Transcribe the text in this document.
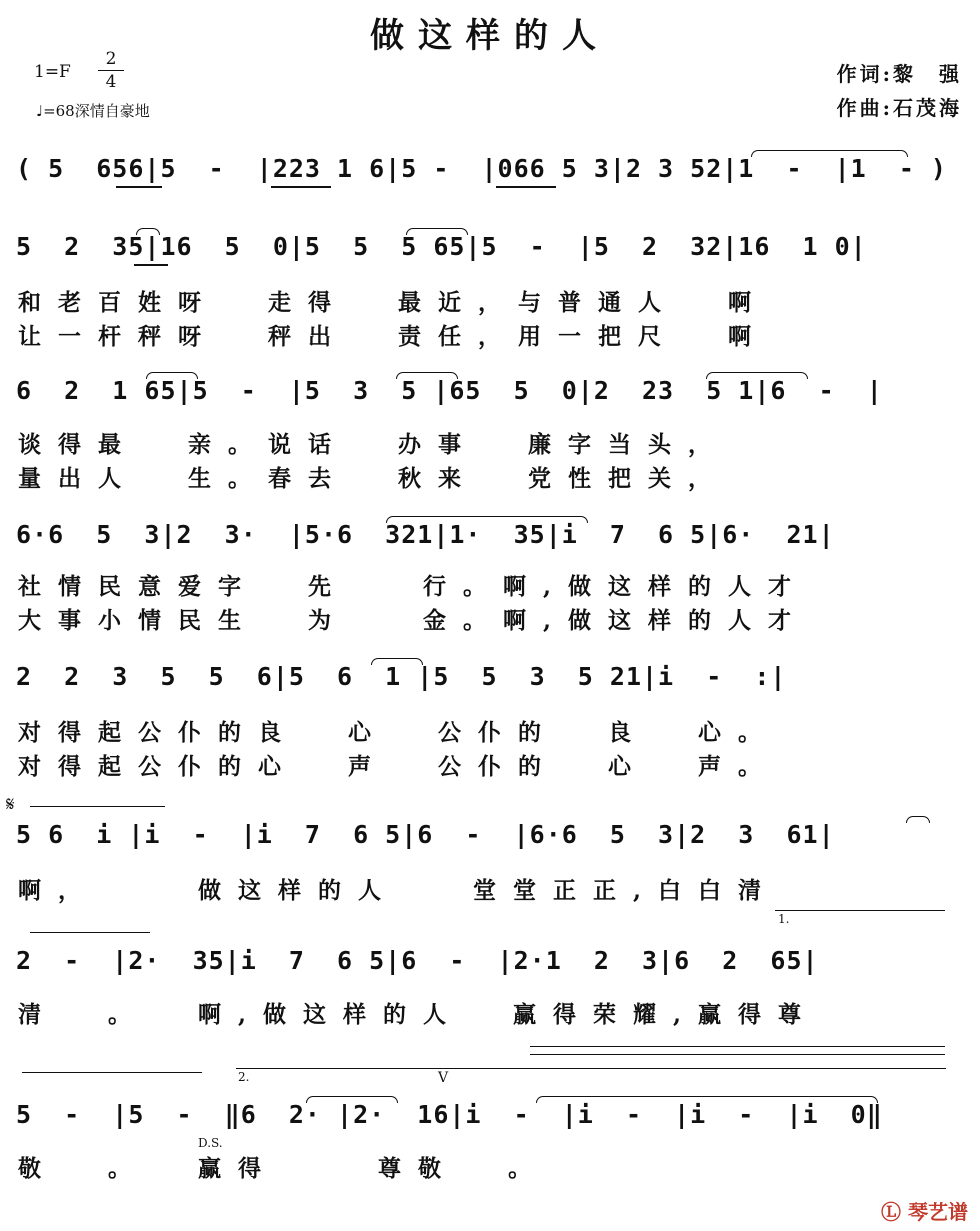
做这样的人
$1=F \frac{2}{4}$
♩=68深情自豪地
作词:黎　强
作曲:石茂海
( 5  656|5  -  |223 1 6|5 -  |066 5 3|2 3 52|1  -  |1  - )
5  2  35|16  5  0|5  5  5 65|5  -  |5  2  32|16  1 0|
和老百姓呀  走得  最近，与普通人  啊
让一杆秤呀  秤出  责任，用一把尺  啊
6  2  1 65|5  -  |5  3  5 |65  5  0|2  23  5 1|6  -  |
谈得最  亲。说话  办事  廉字当头，
量出人  生。春去  秋来  党性把关，
6·6  5  3|2  3·  |5·6  321|1·  35|i  7  6 5|6·  21|
社情民意爱字  先   行。啊,做这样的人才
大事小情民生  为   金。啊,做这样的人才
2  2  3  5  5  6|5  6  1 |5  5  3  5 21|i  -  :|
对得起公仆的良  心  公仆的  良  心。
对得起公仆的心  声  公仆的  心  声。
𝄋
5 6  i |i  -  |i  7  6 5|6  -  |6·6  5  3|2  3  61|
啊，    做这样的人   堂堂正正,白白清
1.
2  -  |2·  35|i  7  6 5|6  -  |2·1  2  3|6  2  65|
清  。  啊,做这样的人  赢得荣耀,赢得尊
2.	V
5  -  |5  -  ‖6  2· |2·  16|i  -  |i  -  |i  -  |i  0‖
D.S.
敬  。  赢得    尊敬  。
Ⓛ 琴艺谱
